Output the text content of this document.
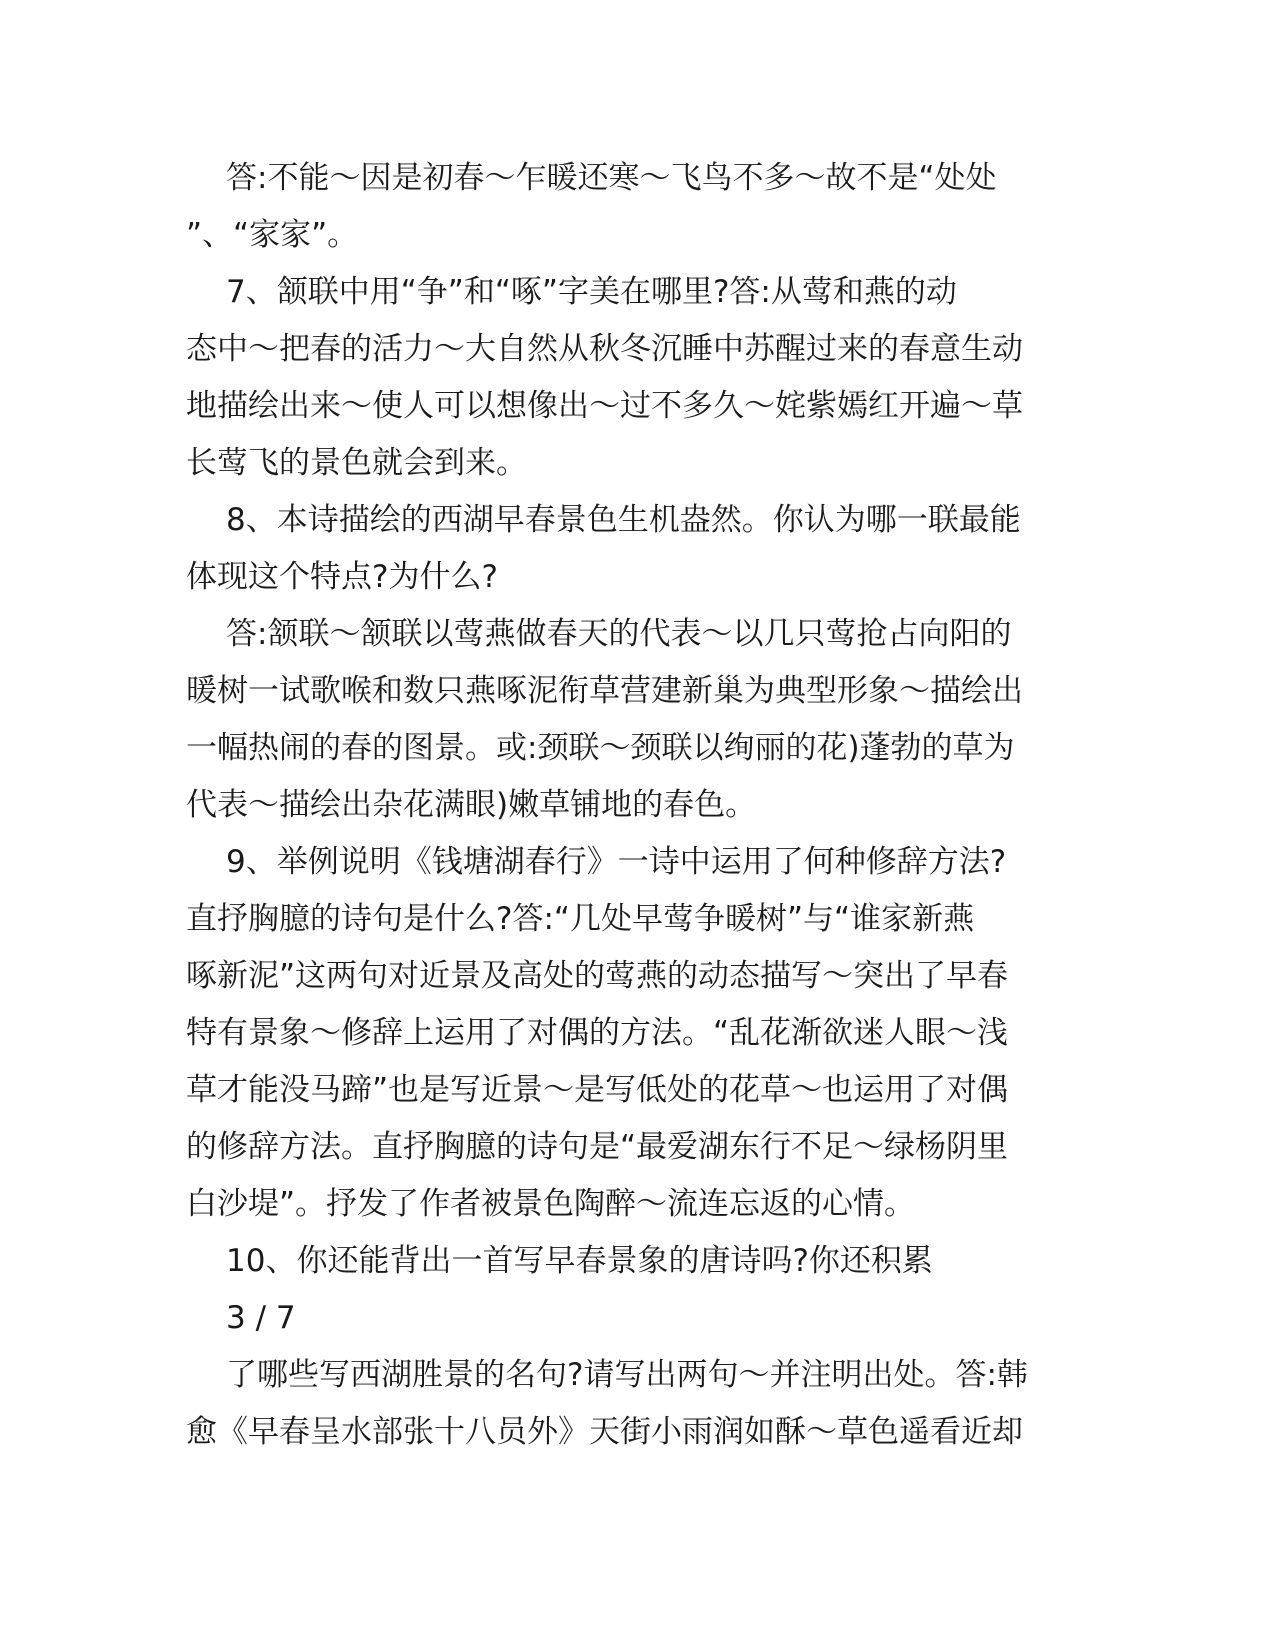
答:不能～因是初春～乍暖还寒～飞鸟不多～故不是“处处
”、“家家”。
7、颔联中用“争”和“啄”字美在哪里?答:从莺和燕的动
态中～把春的活力～大自然从秋冬沉睡中苏醒过来的春意生动
地描绘出来～使人可以想像出～过不多久～姹紫嫣红开遍～草
长莺飞的景色就会到来。
8、本诗描绘的西湖早春景色生机盎然。你认为哪一联最能
体现这个特点?为什么?
答:颔联～颔联以莺燕做春天的代表～以几只莺抢占向阳的
暖树一试歌喉和数只燕啄泥衔草营建新巢为典型形象～描绘出
一幅热闹的春的图景。或:颈联～颈联以绚丽的花)蓬勃的草为
代表～描绘出杂花满眼)嫩草铺地的春色。
9、举例说明《钱塘湖春行》一诗中运用了何种修辞方法?
直抒胸臆的诗句是什么?答:“几处早莺争暖树”与“谁家新燕
啄新泥”这两句对近景及高处的莺燕的动态描写～突出了早春
特有景象～修辞上运用了对偶的方法。“乱花渐欲迷人眼～浅
草才能没马蹄”也是写近景～是写低处的花草～也运用了对偶
的修辞方法。直抒胸臆的诗句是“最爱湖东行不足～绿杨阴里
白沙堤”。抒发了作者被景色陶醉～流连忘返的心情。
10、你还能背出一首写早春景象的唐诗吗?你还积累
3 / 7
了哪些写西湖胜景的名句?请写出两句～并注明出处。答:韩
愈《早春呈水部张十八员外》天街小雨润如酥～草色遥看近却
